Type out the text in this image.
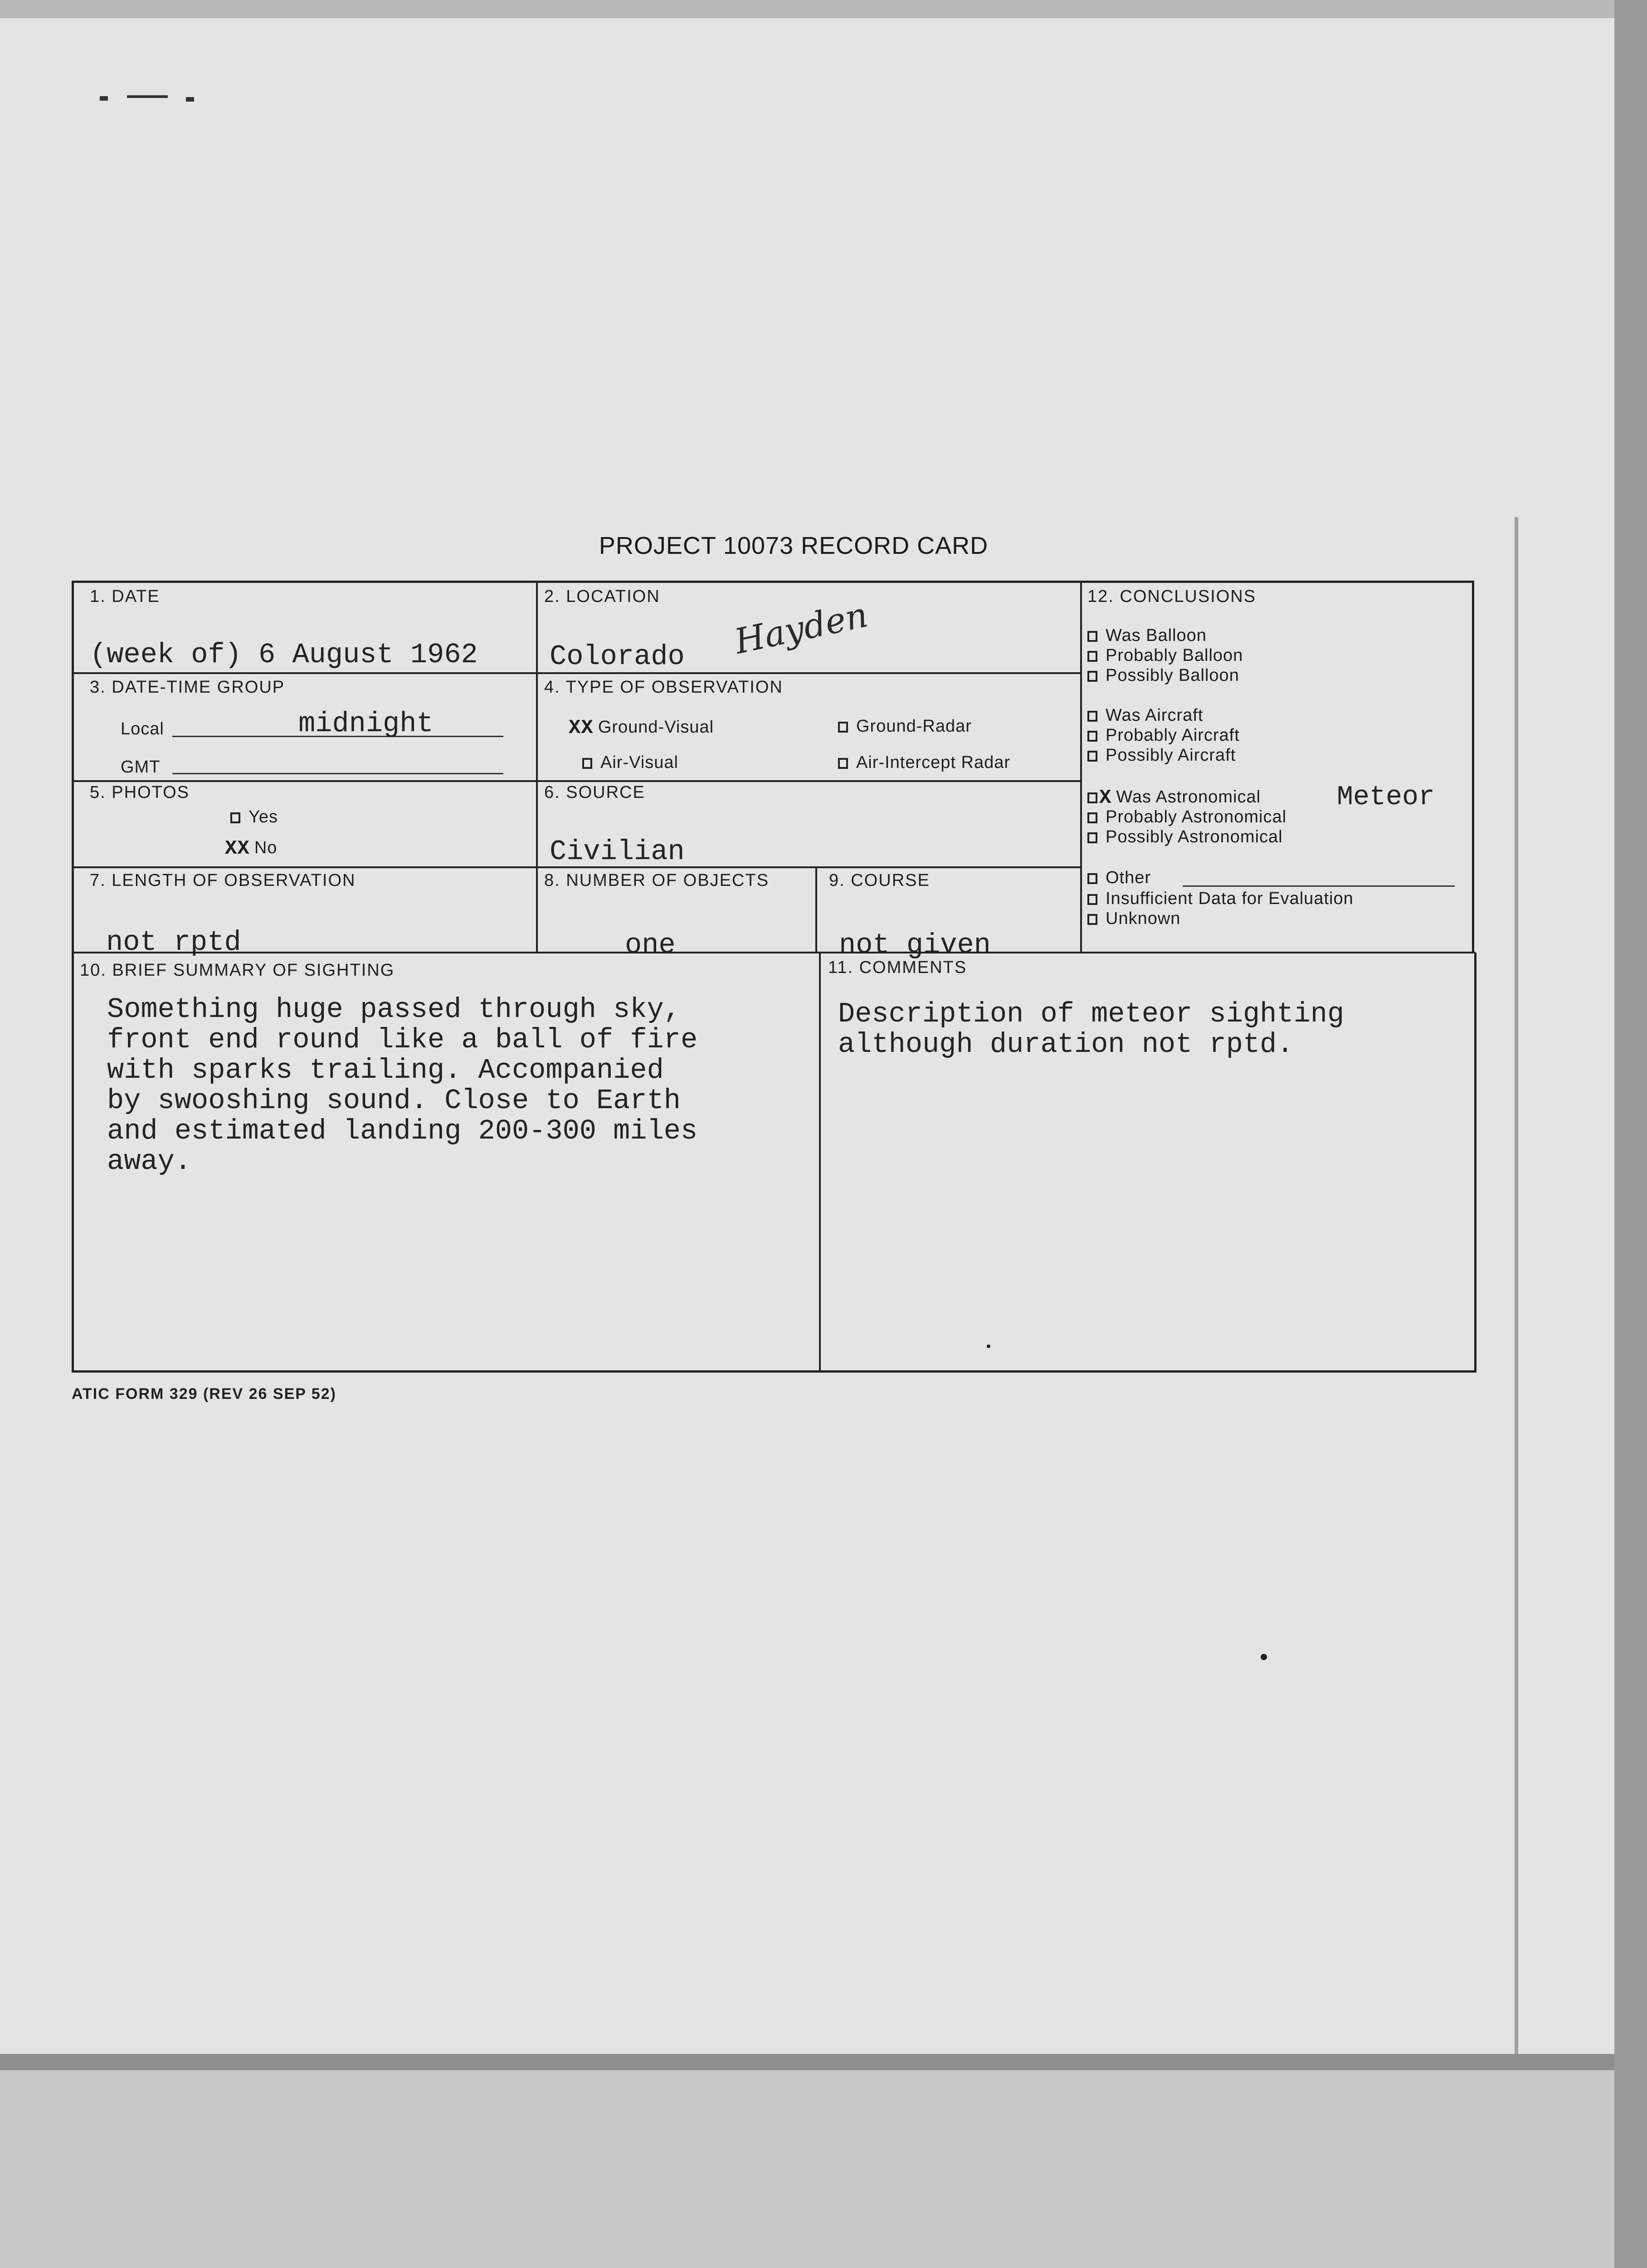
PROJECT 10073 RECORD CARD
1. DATE
(week of) 6 August 1962
2. LOCATION
Colorado Hayden
3. DATE-TIME GROUP
Local	midnight
GMT
4. TYPE OF OBSERVATION
XX Ground-Visual	Ground-Radar
Air-Visual	Air-Intercept Radar
5. PHOTOS
Yes
XX No
6. SOURCE
Civilian
7. LENGTH OF OBSERVATION
not rptd
8. NUMBER OF OBJECTS
one
9. COURSE
not given
10. BRIEF SUMMARY OF SIGHTING
Something huge passed through sky,
front end round like a ball of fire
with sparks trailing. Accompanied
by swooshing sound. Close to Earth
and estimated landing 200-300 miles
away.
11. COMMENTS
Description of meteor sighting
although duration not rptd.
12. CONCLUSIONS
Was Balloon
Probably Balloon
Possibly Balloon
Was Aircraft
Probably Aircraft
Possibly Aircraft
X Was Astronomical	Meteor
Probably Astronomical
Possibly Astronomical
Other
Insufficient Data for Evaluation
Unknown
ATIC FORM 329 (REV 26 SEP 52)
